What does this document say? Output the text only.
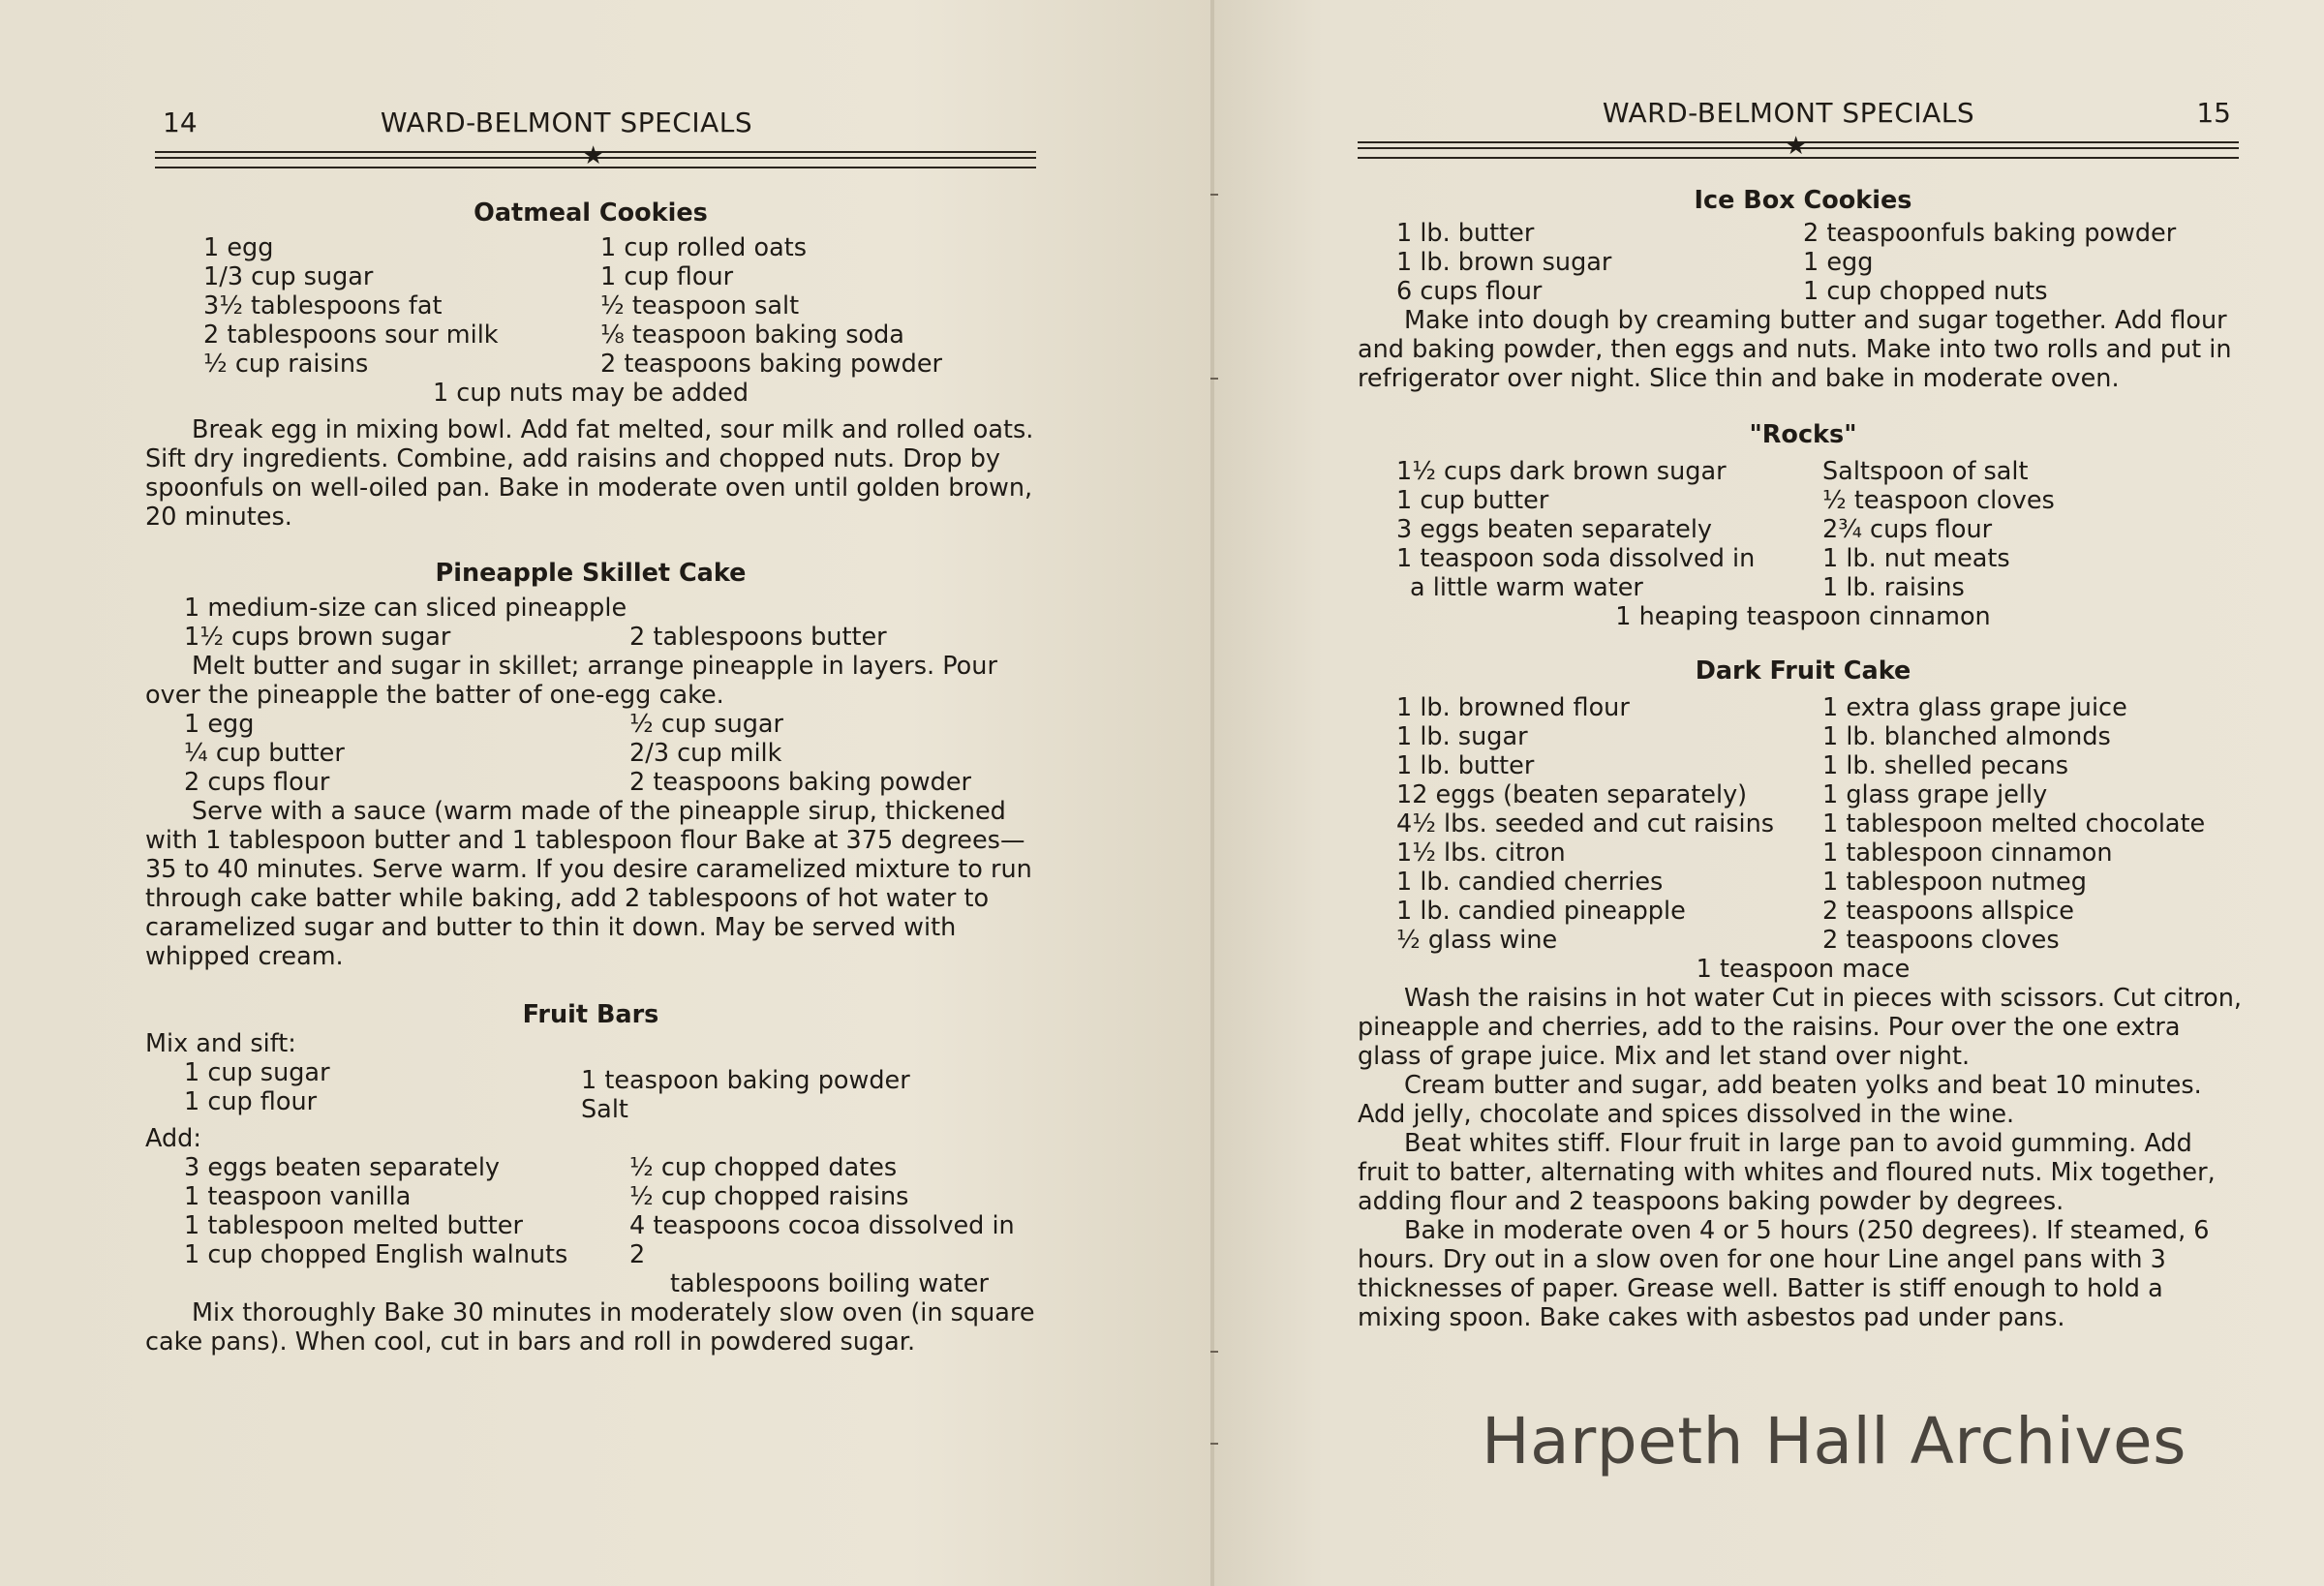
14	WARD-BELMONT SPECIALS
★
Oatmeal Cookies
1 egg
1/3 cup sugar
3½ tablespoons fat
2 tablespoons sour milk
½ cup raisins
1 cup rolled oats
1 cup flour
½ teaspoon salt
⅛ teaspoon baking soda
2 teaspoons baking powder
1 cup nuts may be added

Break egg in mixing bowl. Add fat melted, sour milk and rolled oats. Sift dry ingredients. Combine, add raisins and chopped nuts. Drop by spoonfuls on well-oiled pan. Bake in moderate oven until golden brown, 20 minutes.

Pineapple Skillet Cake
1 medium-size can sliced pineapple
1½ cups brown sugar	2 tablespoons butter

Melt butter and sugar in skillet; arrange pineapple in layers. Pour over the pineapple the batter of one-egg cake.

1 egg
¼ cup butter
2 cups flour
½ cup sugar
2/3 cup milk
2 teaspoons baking powder

Serve with a sauce (warm made of the pineapple sirup, thickened with 1 tablespoon butter and 1 tablespoon flour Bake at 375 degrees—35 to 40 minutes. Serve warm. If you desire caramelized mixture to run through cake batter while baking, add 2 tablespoons of hot water to caramelized sugar and butter to thin it down. May be served with whipped cream.

Fruit Bars
Mix and sift:
1 cup sugar
1 cup flour
1 teaspoon baking powder
Salt
Add:
3 eggs beaten separately
1 teaspoon vanilla
1 tablespoon melted butter
1 cup chopped English walnuts
½ cup chopped dates
½ cup chopped raisins
4 teaspoons cocoa dissolved in 2
tablespoons boiling water

Mix thoroughly Bake 30 minutes in moderately slow oven (in square cake pans). When cool, cut in bars and roll in powdered sugar.

15
WARD-BELMONT SPECIALS
★
Ice Box Cookies
1 lb. butter
1 lb. brown sugar
6 cups flour
2 teaspoonfuls baking powder
1 egg
1 cup chopped nuts

Make into dough by creaming butter and sugar together. Add flour and baking powder, then eggs and nuts. Make into two rolls and put in refrigerator over night. Slice thin and bake in moderate oven.

"Rocks"
1½ cups dark brown sugar
1 cup butter
3 eggs beaten separately
1 teaspoon soda dissolved in
a little warm water
Saltspoon of salt
½ teaspoon cloves
2¾ cups flour
1 lb. nut meats
1 lb. raisins
1 heaping teaspoon cinnamon
Dark Fruit Cake
1 lb. browned flour
1 lb. sugar
1 lb. butter
12 eggs (beaten separately)
4½ lbs. seeded and cut raisins
1½ lbs. citron
1 lb. candied cherries
1 lb. candied pineapple
½ glass wine
1 extra glass grape juice
1 lb. blanched almonds
1 lb. shelled pecans
1 glass grape jelly
1 tablespoon melted chocolate
1 tablespoon cinnamon
1 tablespoon nutmeg
2 teaspoons allspice
2 teaspoons cloves
1 teaspoon mace

Wash the raisins in hot water Cut in pieces with scissors. Cut citron, pineapple and cherries, add to the raisins. Pour over the one extra glass of grape juice. Mix and let stand over night.

Cream butter and sugar, add beaten yolks and beat 10 minutes. Add jelly, chocolate and spices dissolved in the wine.

Beat whites stiff. Flour fruit in large pan to avoid gumming. Add fruit to batter, alternating with whites and floured nuts. Mix together, adding flour and 2 teaspoons baking powder by degrees.

Bake in moderate oven 4 or 5 hours (250 degrees). If steamed, 6 hours. Dry out in a slow oven for one hour Line angel pans with 3 thicknesses of paper. Grease well. Batter is stiff enough to hold a mixing spoon. Bake cakes with asbestos pad under pans.

Harpeth Hall Archives
